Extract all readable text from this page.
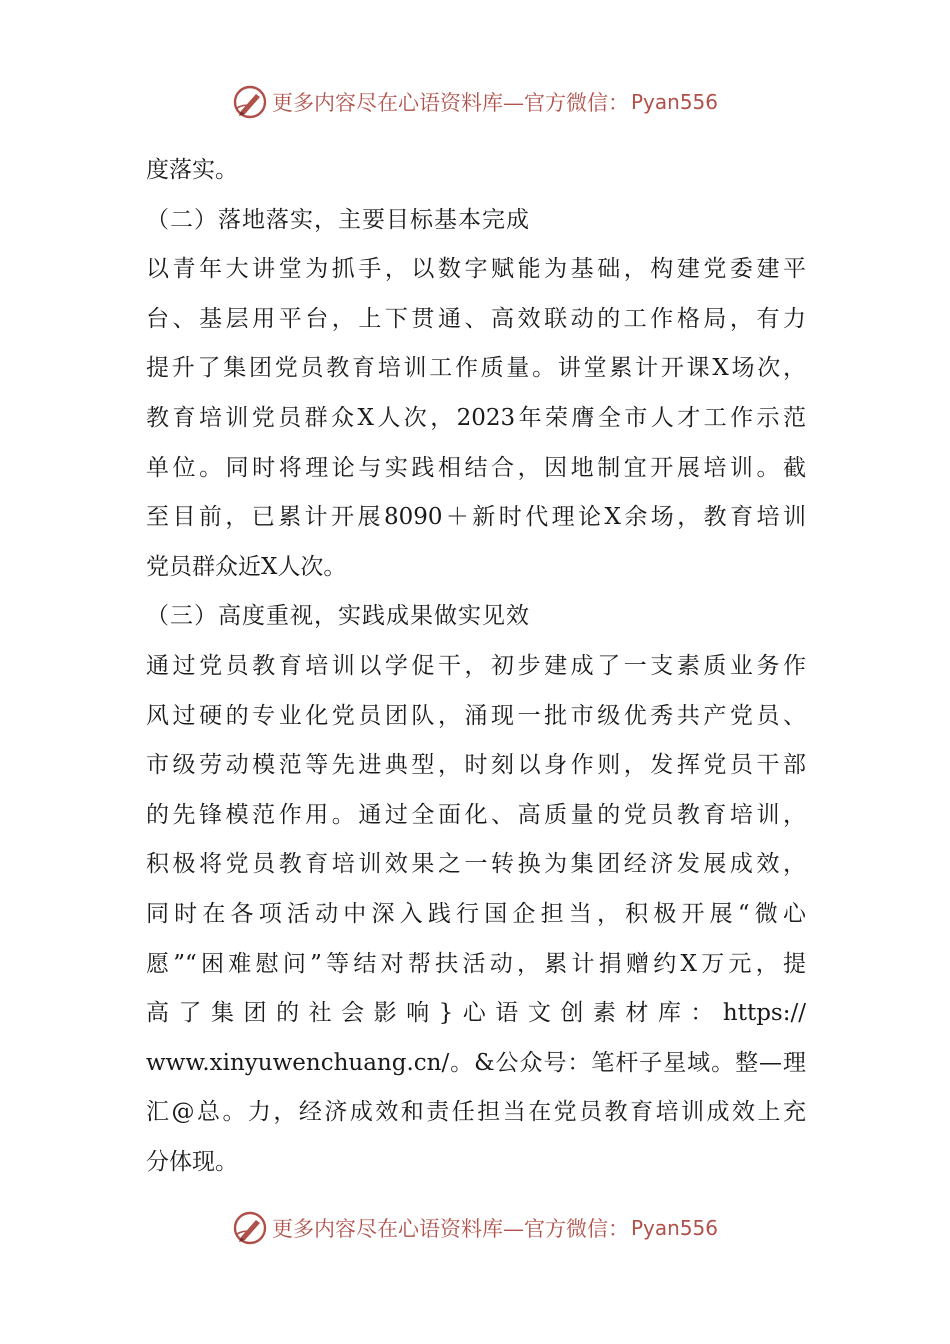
更多内容尽在心语资料库—官方微信： Pyan556
度落实。
（二）落地落实，主要目标基本完成
以青年大讲堂为抓手，以数字赋能为基础，构建党委建平
台、基层用平台，上下贯通、高效联动的工作格局，有力
提升了集团党员教育培训工作质量。讲堂累计开课X场次，
教育培训党员群众X人次，2023年荣膺全市人才工作示范
单位。同时将理论与实践相结合，因地制宜开展培训。截
至目前，已累计开展8090＋新时代理论X余场，教育培训
党员群众近X人次。
（三）高度重视，实践成果做实见效
通过党员教育培训以学促干，初步建成了一支素质业务作
风过硬的专业化党员团队，涌现一批市级优秀共产党员、
市级劳动模范等先进典型，时刻以身作则，发挥党员干部
的先锋模范作用。通过全面化、高质量的党员教育培训，
积极将党员教育培训效果之一转换为集团经济发展成效，
同时在各项活动中深入践行国企担当，积极开展“微心
愿”“困难慰问”等结对帮扶活动，累计捐赠约X万元，提
高了集团的社会影响}心语文创素材库：https://
www.xinyuwenchuang.cn/。&公众号：笔杆子星域。整—理
汇@总。力，经济成效和责任担当在党员教育培训成效上充
分体现。
更多内容尽在心语资料库—官方微信： Pyan556
